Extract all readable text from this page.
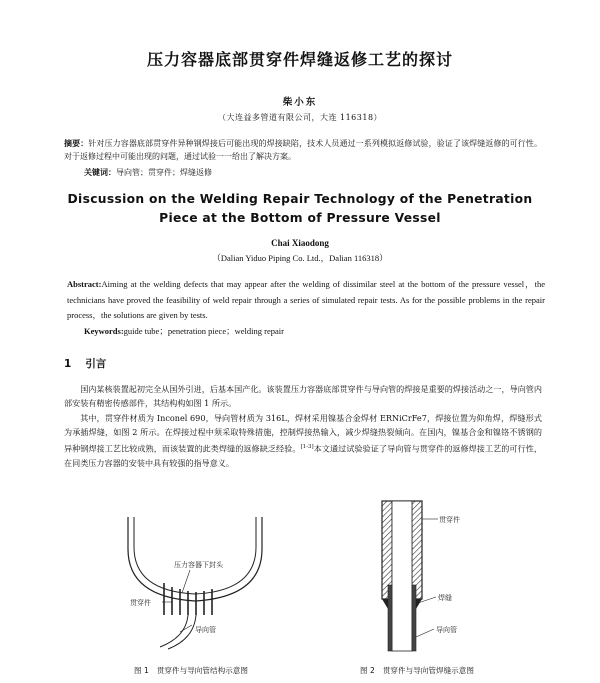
压力容器底部贯穿件焊缝返修工艺的探讨
柴小东
（大连益多管道有限公司，大连 116318）
摘要：针对压力容器底部贯穿件异种钢焊接后可能出现的焊接缺陷，技术人员通过一系列模拟返修试验，验证了该焊缝返修的可行性。对于返修过程中可能出现的问题，通过试验一一给出了解决方案。
关键词：导向管；贯穿件；焊缝返修
Discussion on the Welding Repair Technology of the Penetration
Piece at the Bottom of Pressure Vessel
Chai Xiaodong
（Dalian Yiduo Piping Co. Ltd.，Dalian 116318）
Abstract:Aiming at the welding defects that may appear after the welding of dissimilar steel at the bottom of the pressure vessel，the technicians have proved the feasibility of weld repair through a series of simulated repair tests. As for the possible problems in the repair process，the solutions are given by tests.
Keywords:guide tube；penetration piece；welding repair
1 引言

国内某核装置起初完全从国外引进，后基本国产化。该装置压力容器底部贯穿件与导向管的焊接是重要的焊接活动之一，导向管内部安装有精密传感部件，其结构构如图 1 所示。

其中，贯穿件材质为 Inconel 690，导向管材质为 316L，焊材采用镍基合金焊材 ERNiCrFe7，焊接位置为仰角焊，焊缝形式为承插焊缝，如图 2 所示。在焊接过程中须采取特殊措施，控制焊接热输入，减少焊缝热裂倾向。在国内，镍基合金和镍铬不锈钢的异种钢焊接工艺比较成熟，而该装置的此类焊缝的返修缺乏经验。[1-3]本文通过试验验证了导向管与贯穿件的返修焊接工艺的可行性，在同类压力容器的安装中具有较强的指导意义。

压力容器下封头
贯穿件
导向管
贯穿件
焊缝
导向管
图 1 贯穿件与导向管结构示意图	图 2 贯穿件与导向管焊缝示意图
